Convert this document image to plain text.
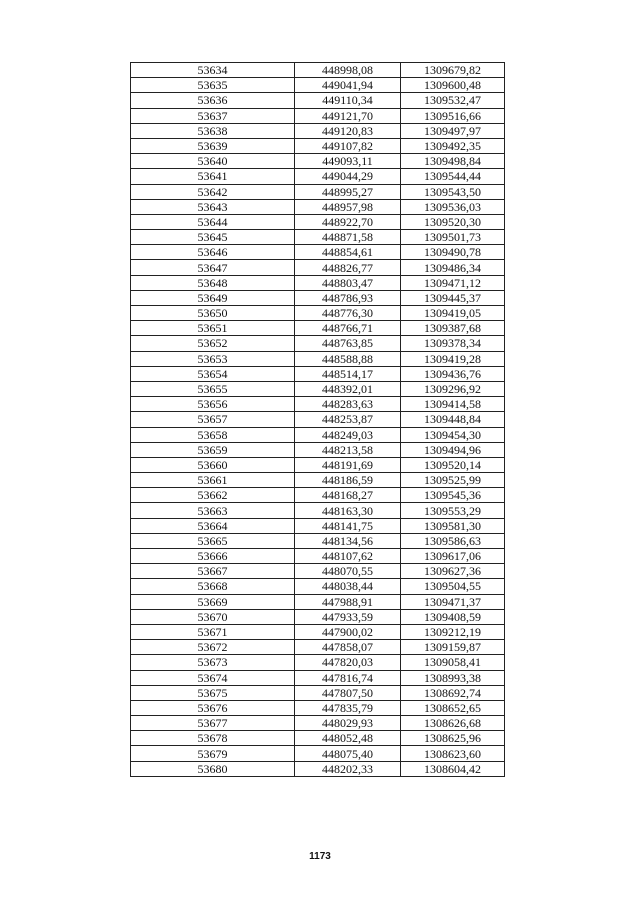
53634	448998,08	1309679,82
53635	449041,94	1309600,48
53636	449110,34	1309532,47
53637	449121,70	1309516,66
53638	449120,83	1309497,97
53639	449107,82	1309492,35
53640	449093,11	1309498,84
53641	449044,29	1309544,44
53642	448995,27	1309543,50
53643	448957,98	1309536,03
53644	448922,70	1309520,30
53645	448871,58	1309501,73
53646	448854,61	1309490,78
53647	448826,77	1309486,34
53648	448803,47	1309471,12
53649	448786,93	1309445,37
53650	448776,30	1309419,05
53651	448766,71	1309387,68
53652	448763,85	1309378,34
53653	448588,88	1309419,28
53654	448514,17	1309436,76
53655	448392,01	1309296,92
53656	448283,63	1309414,58
53657	448253,87	1309448,84
53658	448249,03	1309454,30
53659	448213,58	1309494,96
53660	448191,69	1309520,14
53661	448186,59	1309525,99
53662	448168,27	1309545,36
53663	448163,30	1309553,29
53664	448141,75	1309581,30
53665	448134,56	1309586,63
53666	448107,62	1309617,06
53667	448070,55	1309627,36
53668	448038,44	1309504,55
53669	447988,91	1309471,37
53670	447933,59	1309408,59
53671	447900,02	1309212,19
53672	447858,07	1309159,87
53673	447820,03	1309058,41
53674	447816,74	1308993,38
53675	447807,50	1308692,74
53676	447835,79	1308652,65
53677	448029,93	1308626,68
53678	448052,48	1308625,96
53679	448075,40	1308623,60
53680	448202,33	1308604,42
1173
